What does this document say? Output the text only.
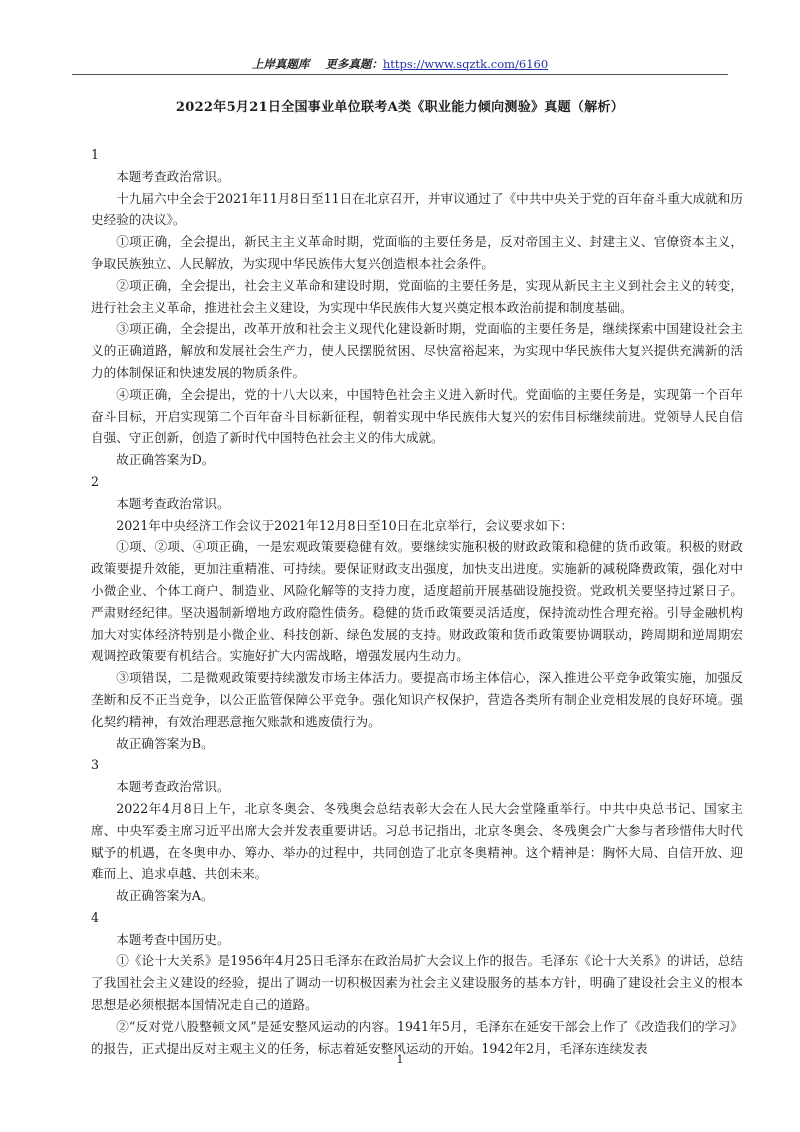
上岸真题库 更多真题：https://www.sqztk.com/6160
2022年5月21日全国事业单位联考A类《职业能力倾向测验》真题（解析）

1

本题考查政治常识。

十九届六中全会于2021年11月8日至11日在北京召开，并审议通过了《中共中央关于党的百年奋斗重大成就和历史经验的决议》。

①项正确，全会提出，新民主主义革命时期，党面临的主要任务是，反对帝国主义、封建主义、官僚资本主义，争取民族独立、人民解放，为实现中华民族伟大复兴创造根本社会条件。

②项正确，全会提出，社会主义革命和建设时期，党面临的主要任务是，实现从新民主主义到社会主义的转变，进行社会主义革命，推进社会主义建设，为实现中华民族伟大复兴奠定根本政治前提和制度基础。

③项正确，全会提出，改革开放和社会主义现代化建设新时期，党面临的主要任务是，继续探索中国建设社会主义的正确道路，解放和发展社会生产力，使人民摆脱贫困、尽快富裕起来，为实现中华民族伟大复兴提供充满新的活力的体制保证和快速发展的物质条件。

④项正确，全会提出，党的十八大以来，中国特色社会主义进入新时代。党面临的主要任务是，实现第一个百年奋斗目标，开启实现第二个百年奋斗目标新征程，朝着实现中华民族伟大复兴的宏伟目标继续前进。党领导人民自信自强、守正创新，创造了新时代中国特色社会主义的伟大成就。

故正确答案为D。

2

本题考查政治常识。

2021年中央经济工作会议于2021年12月8日至10日在北京举行，会议要求如下：

①项、②项、④项正确，一是宏观政策要稳健有效。要继续实施积极的财政政策和稳健的货币政策。积极的财政政策要提升效能，更加注重精准、可持续。要保证财政支出强度，加快支出进度。实施新的减税降费政策，强化对中小微企业、个体工商户、制造业、风险化解等的支持力度，适度超前开展基础设施投资。党政机关要坚持过紧日子。严肃财经纪律。坚决遏制新增地方政府隐性债务。稳健的货币政策要灵活适度，保持流动性合理充裕。引导金融机构加大对实体经济特别是小微企业、科技创新、绿色发展的支持。财政政策和货币政策要协调联动，跨周期和逆周期宏观调控政策要有机结合。实施好扩大内需战略，增强发展内生动力。

③项错误，二是微观政策要持续激发市场主体活力。要提高市场主体信心，深入推进公平竞争政策实施，加强反垄断和反不正当竞争，以公正监管保障公平竞争。强化知识产权保护，营造各类所有制企业竞相发展的良好环境。强化契约精神，有效治理恶意拖欠账款和逃废债行为。

故正确答案为B。

3

本题考查政治常识。

2022年4月8日上午，北京冬奥会、冬残奥会总结表彰大会在人民大会堂隆重举行。中共中央总书记、国家主席、中央军委主席习近平出席大会并发表重要讲话。习总书记指出，北京冬奥会、冬残奥会广大参与者珍惜伟大时代赋予的机遇，在冬奥申办、筹办、举办的过程中，共同创造了北京冬奥精神。这个精神是：胸怀大局、自信开放、迎难而上、追求卓越、共创未来。

故正确答案为A。

4

本题考查中国历史。

①《论十大关系》是1956年4月25日毛泽东在政治局扩大会议上作的报告。毛泽东《论十大关系》的讲话，总结了我国社会主义建设的经验，提出了调动一切积极因素为社会主义建设服务的基本方针，明确了建设社会主义的根本思想是必须根据本国情况走自己的道路。

②“反对党八股整顿文风”是延安整风运动的内容。1941年5月，毛泽东在延安干部会上作了《改造我们的学习》的报告，正式提出反对主观主义的任务，标志着延安整风运动的开始。1942年2月，毛泽东连续发表

1
